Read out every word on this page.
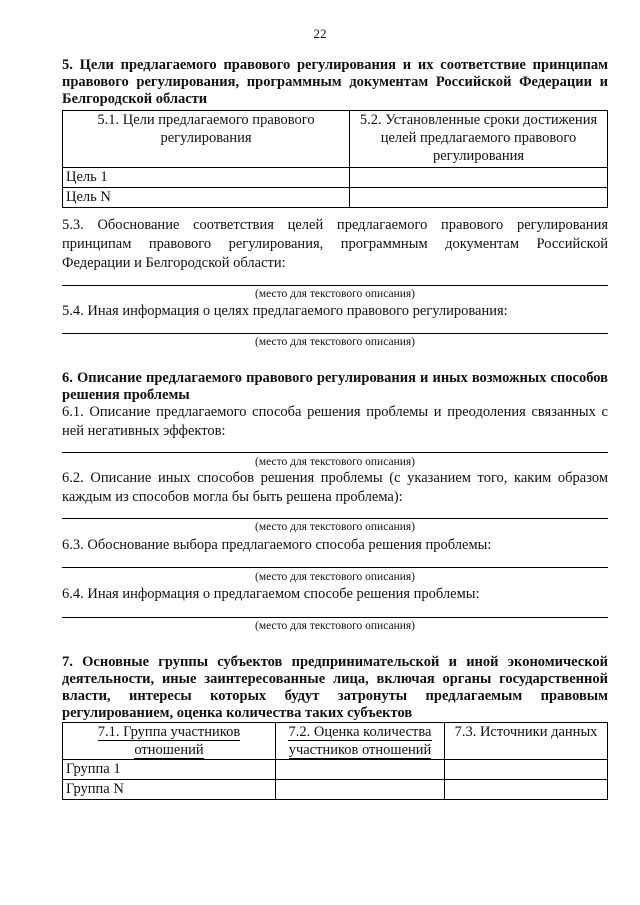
22
5. Цели предлагаемого правового регулирования и их соответствие принципам правового регулирования, программным документам Российской Федерации и Белгородской области
5.1. Цели предлагаемого правового регулирования	5.2. Установленные сроки достижения целей предлагаемого правового регулирования
Цель 1	
Цель N	
5.3. Обоснование соответствия целей предлагаемого правового регулирования принципам правового регулирования, программным документам Российской Федерации и Белгородской области:
(место для текстового описания)
5.4. Иная информация о целях предлагаемого правового регулирования:
(место для текстового описания)
6. Описание предлагаемого правового регулирования и иных возможных способов решения проблемы
6.1. Описание предлагаемого способа решения проблемы и преодоления связанных с ней негативных эффектов:
(место для текстового описания)
6.2. Описание иных способов решения проблемы (с указанием того, каким образом каждым из способов могла бы быть решена проблема):
(место для текстового описания)
6.3. Обоснование выбора предлагаемого способа решения проблемы:
(место для текстового описания)
6.4. Иная информация о предлагаемом способе решения проблемы:
(место для текстового описания)
7. Основные группы субъектов предпринимательской и иной экономической деятельности, иные заинтересованные лица, включая органы государственной власти, интересы которых будут затронуты предлагаемым правовым регулированием, оценка количества таких субъектов
7.1. Группа участников отношений	7.2. Оценка количества участников отношений	7.3. Источники данных
Группа 1		
Группа N		
